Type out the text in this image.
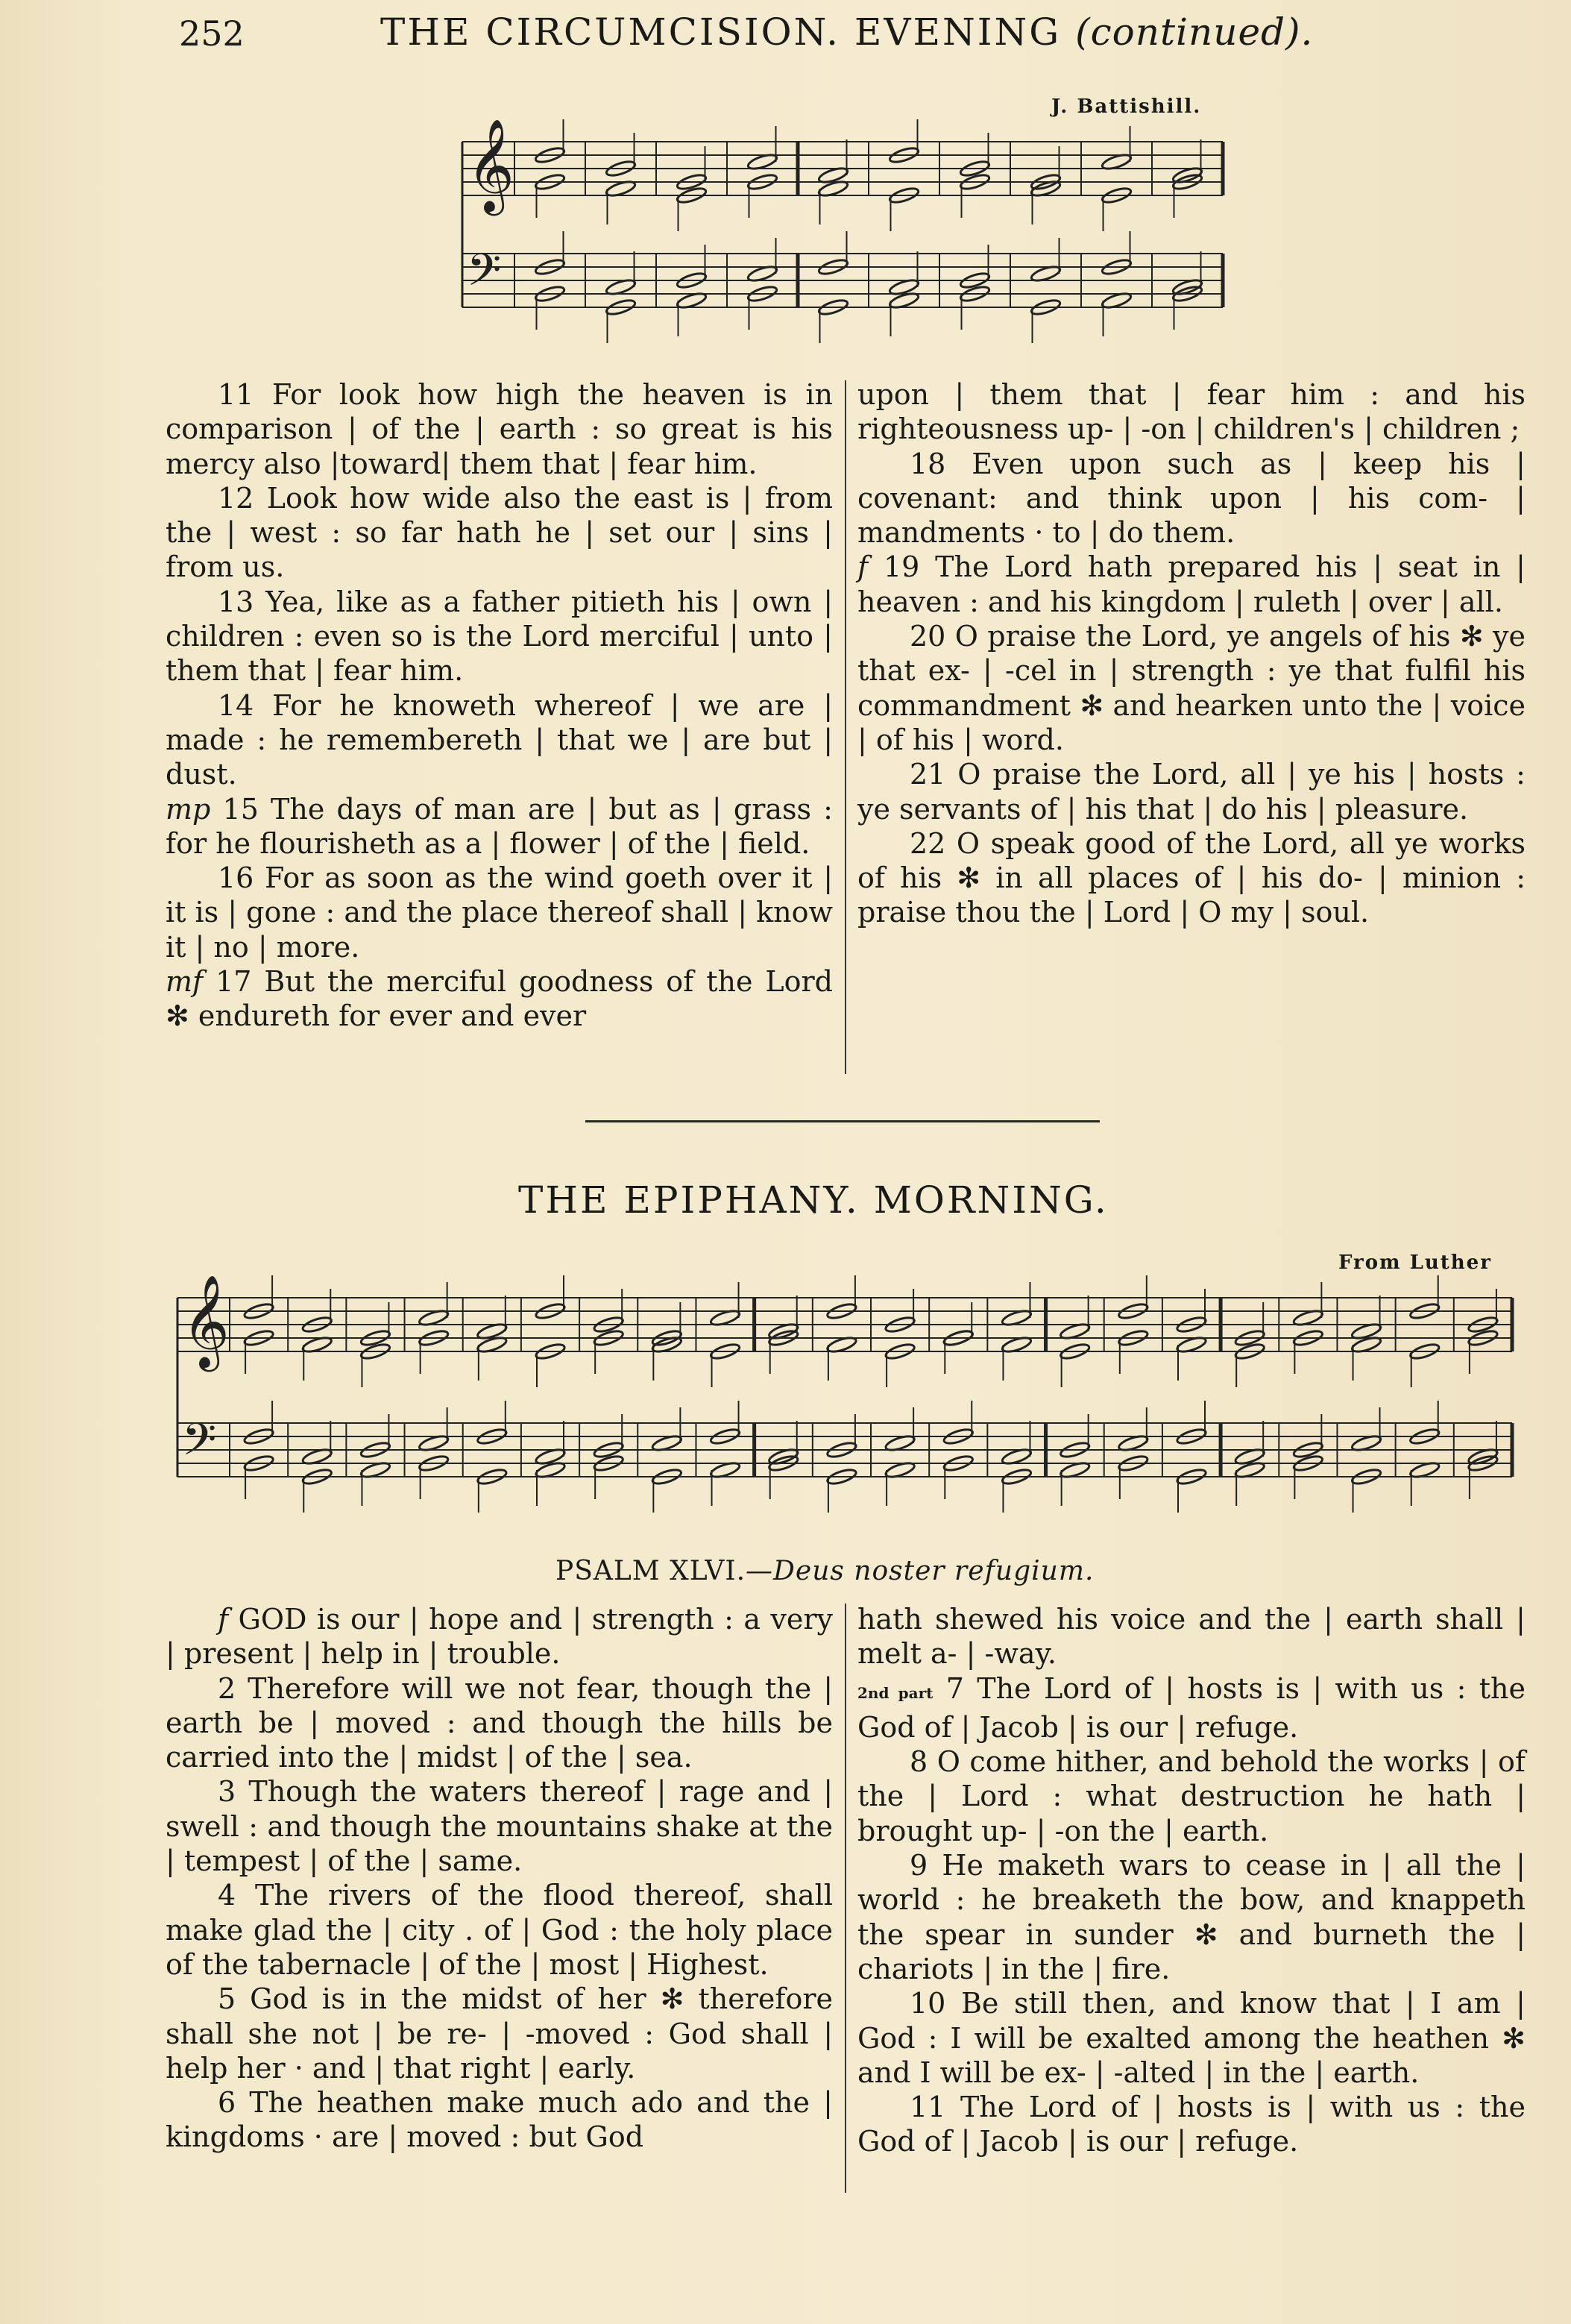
252	THE CIRCUMCISION. EVENING (continued).
J. Battishill.
𝄞
𝄢

11 For look how high the heaven is in comparison | of the | earth : so great is his mercy also |toward| them that | fear him.

12 Look how wide also the east is | from the | west : so far hath he | set our | sins | from us.

13 Yea, like as a father pitieth his | own | children : even so is the Lord merciful | unto | them that | fear him.

14 For he knoweth whereof | we are | made : he remembereth | that we | are but | dust.

mp 15 The days of man are | but as | grass : for he flourisheth as a | flower | of the | field.

16 For as soon as the wind goeth over it | it is | gone : and the place thereof shall | know it | no | more.

mf 17 But the merciful goodness of the Lord ✻ endureth for ever and ever

upon | them that | fear him : and his righteousness up- | -on | children's | children ;

18 Even upon such as | keep his | covenant: and think upon | his com- | mandments · to | do them.

f 19 The Lord hath prepared his | seat in | heaven : and his kingdom | ruleth | over | all.

20 O praise the Lord, ye angels of his ✻ ye that ex- | -cel in | strength : ye that fulfil his commandment ✻ and hearken unto the | voice | of his | word.

21 O praise the Lord, all | ye his | hosts : ye servants of | his that | do his | pleasure.

22 O speak good of the Lord, all ye works of his ✻ in all places of | his do- | minion : praise thou the | Lord | O my | soul.

THE EPIPHANY. MORNING.
From Luther
𝄞
𝄢
PSALM XLVI.—Deus noster refugium.

f GOD is our | hope and | strength : a very | present | help in | trouble.

2 Therefore will we not fear, though the | earth be | moved : and though the hills be carried into the | midst | of the | sea.

3 Though the waters thereof | rage and | swell : and though the mountains shake at the | tempest | of the | same.

4 The rivers of the flood thereof, shall make glad the | city . of | God : the holy place of the tabernacle | of the | most | Highest.

5 God is in the midst of her ✻ therefore shall she not | be re- | -moved : God shall | help her · and | that right | early.

6 The heathen make much ado and the | kingdoms · are | moved : but God

hath shewed his voice and the | earth shall | melt a- | -way.

2nd part 7 The Lord of | hosts is | with us : the God of | Jacob | is our | refuge.

8 O come hither, and behold the works | of the | Lord : what destruction he hath | brought up- | -on the | earth.

9 He maketh wars to cease in | all the | world : he breaketh the bow, and knappeth the spear in sunder ✻ and burneth the | chariots | in the | fire.

10 Be still then, and know that | I am | God : I will be exalted among the heathen ✻ and I will be ex- | -alted | in the | earth.

11 The Lord of | hosts is | with us : the God of | Jacob | is our | refuge.
